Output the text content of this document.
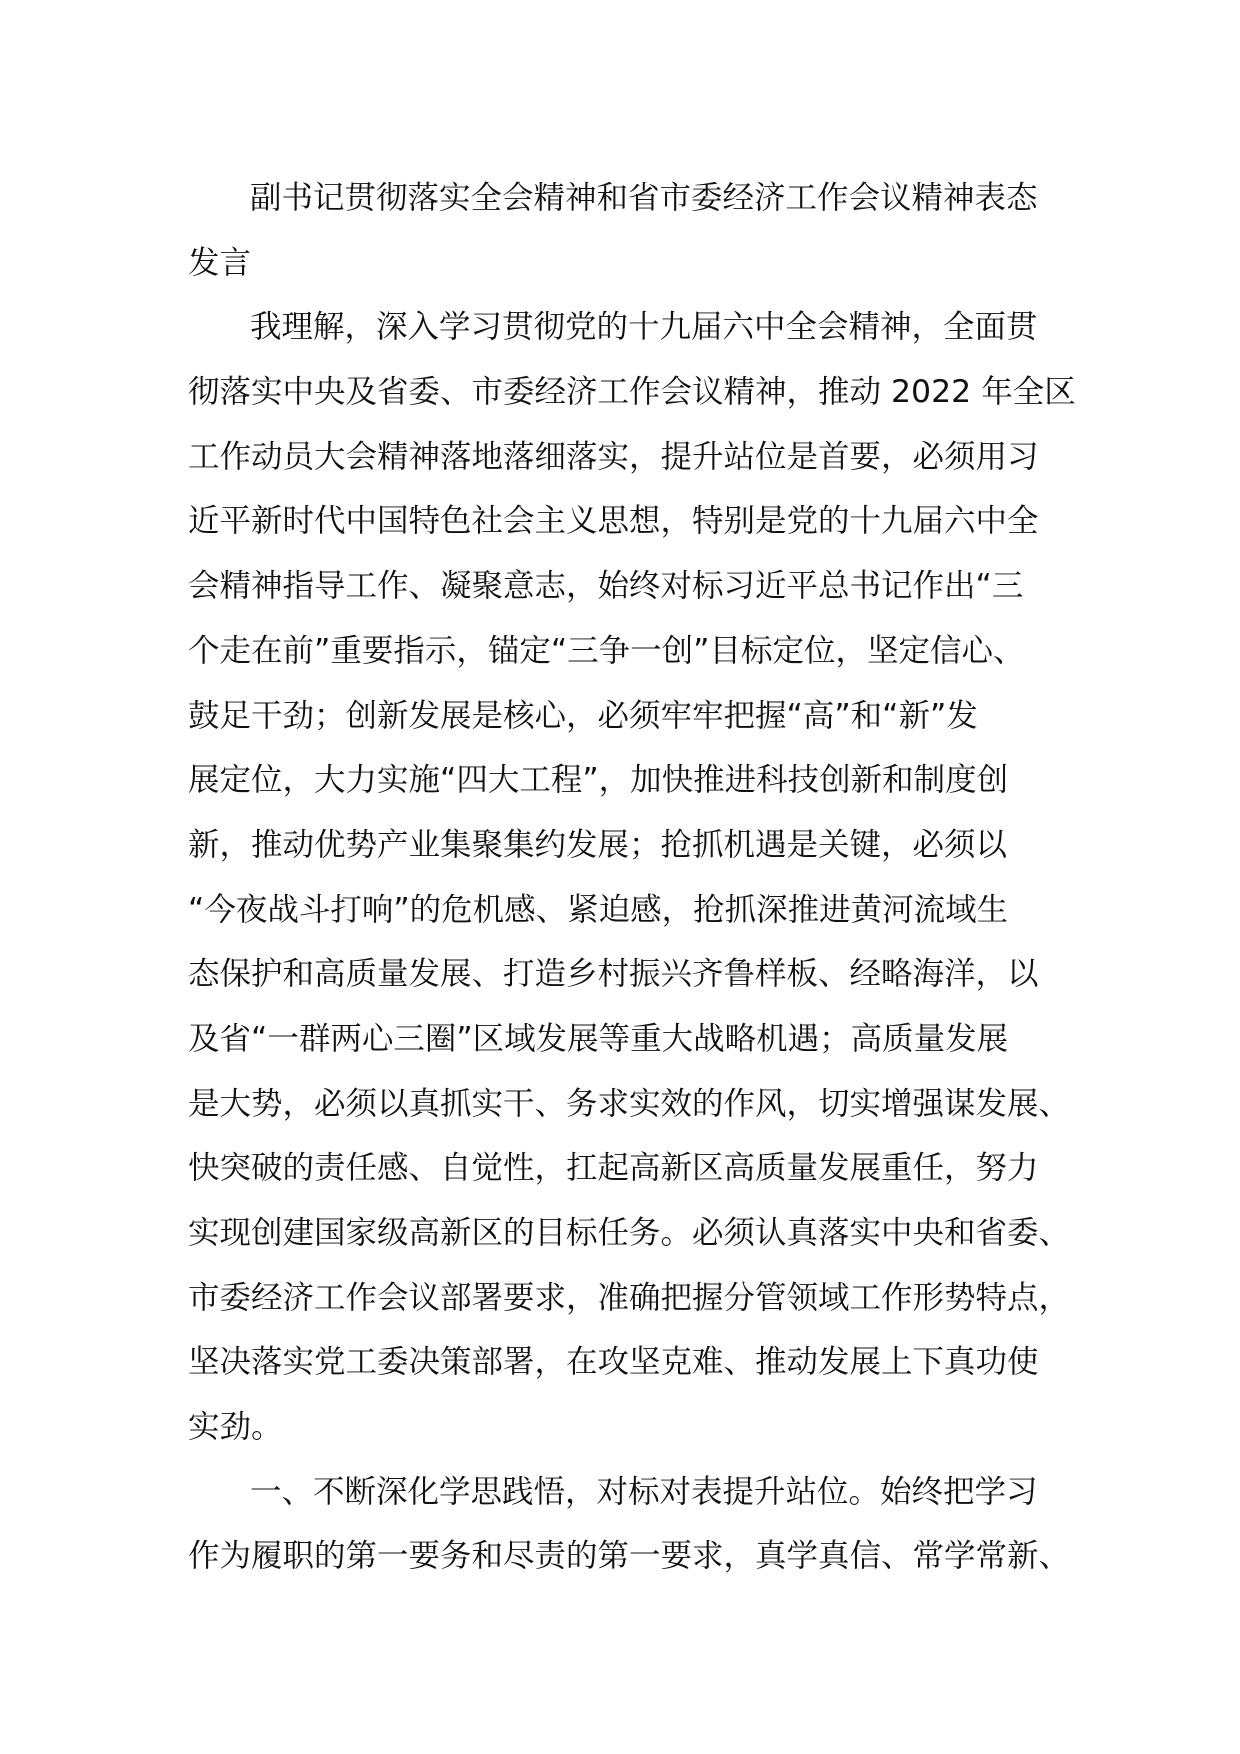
副书记贯彻落实全会精神和省市委经济工作会议精神表态
发言
我理解，深入学习贯彻党的十九届六中全会精神，全面贯
彻落实中央及省委、市委经济工作会议精神，推动 2022 年全区
工作动员大会精神落地落细落实，提升站位是首要，必须用习
近平新时代中国特色社会主义思想，特别是党的十九届六中全
会精神指导工作、凝聚意志，始终对标习近平总书记作出“三
个走在前”重要指示，锚定“三争一创”目标定位，坚定信心、
鼓足干劲；创新发展是核心，必须牢牢把握“高”和“新”发
展定位，大力实施“四大工程”，加快推进科技创新和制度创
新，推动优势产业集聚集约发展；抢抓机遇是关键，必须以
“今夜战斗打响”的危机感、紧迫感，抢抓深推进黄河流域生
态保护和高质量发展、打造乡村振兴齐鲁样板、经略海洋，以
及省“一群两心三圈”区域发展等重大战略机遇；高质量发展
是大势，必须以真抓实干、务求实效的作风，切实增强谋发展、
快突破的责任感、自觉性，扛起高新区高质量发展重任，努力
实现创建国家级高新区的目标任务。必须认真落实中央和省委、
市委经济工作会议部署要求，准确把握分管领域工作形势特点，
坚决落实党工委决策部署，在攻坚克难、推动发展上下真功使
实劲。
一、不断深化学思践悟，对标对表提升站位。始终把学习
作为履职的第一要务和尽责的第一要求，真学真信、常学常新、
